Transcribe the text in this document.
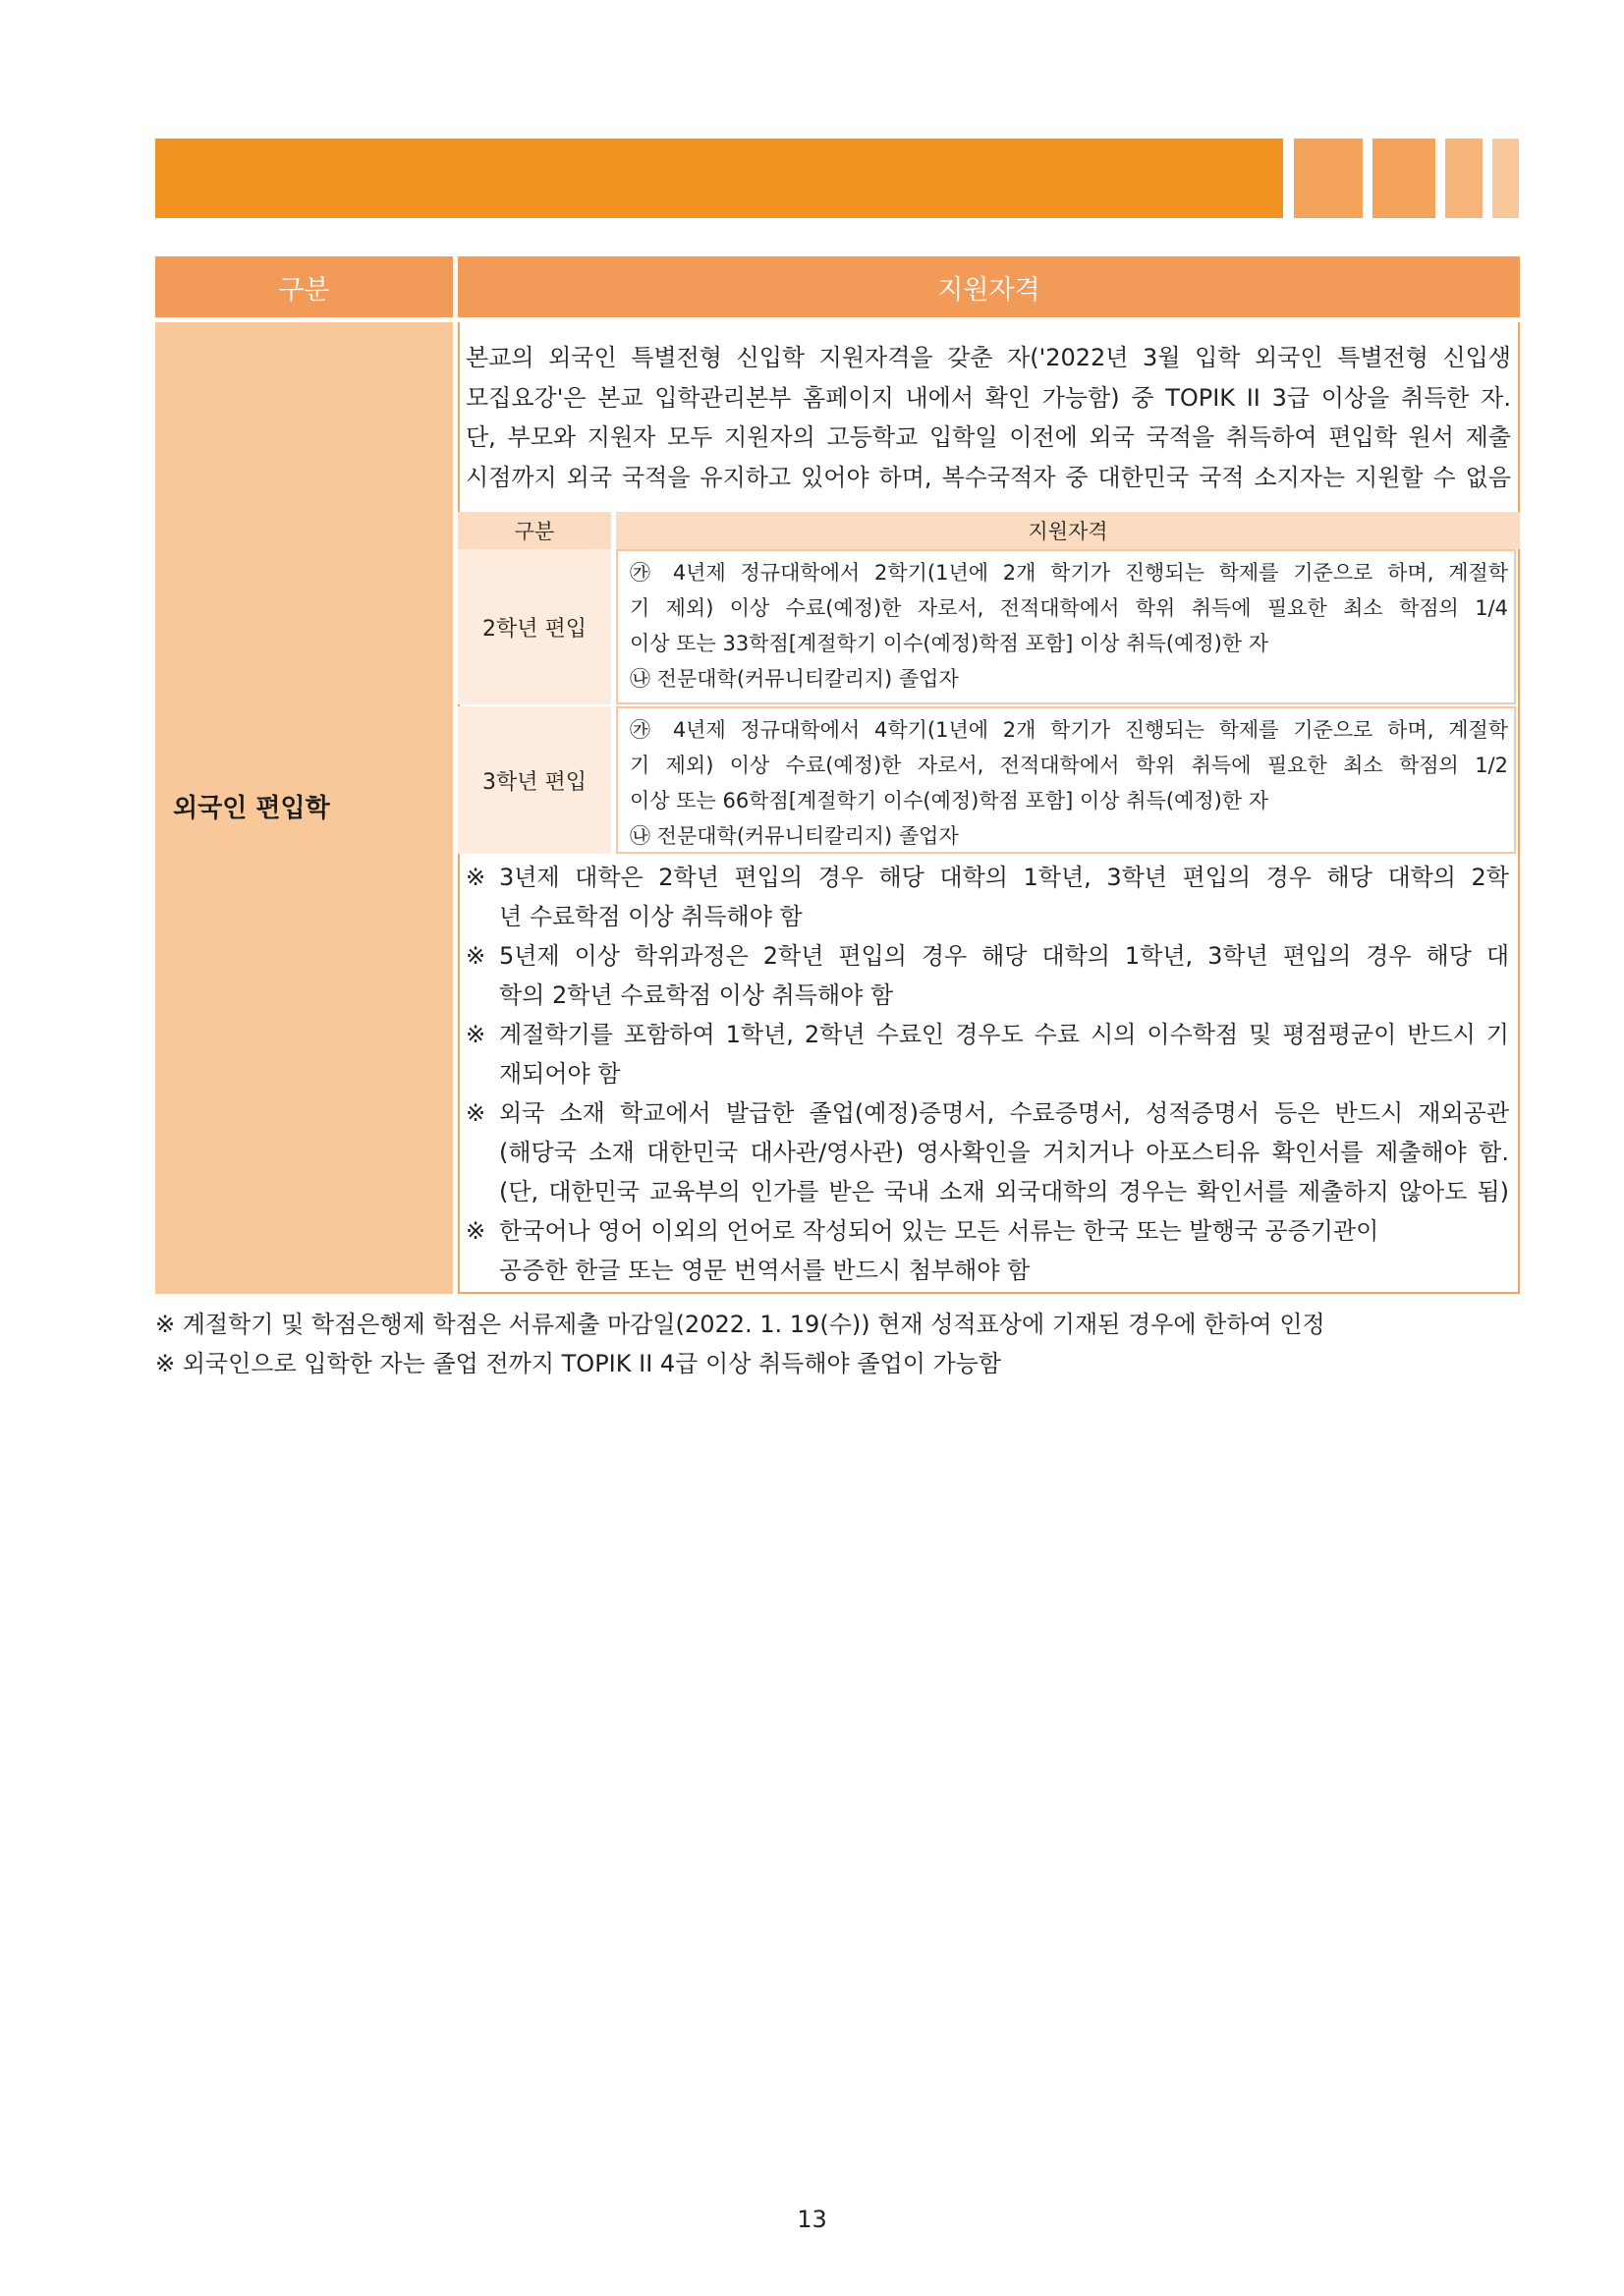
구분	지원자격
외국인 편입학
본교의 외국인 특별전형 신입학 지원자격을 갖춘 자('2022년 3월 입학 외국인 특별전형 신입생
모집요강'은 본교 입학관리본부 홈페이지 내에서 확인 가능함) 중 TOPIK II 3급 이상을 취득한 자.
단, 부모와 지원자 모두 지원자의 고등학교 입학일 이전에 외국 국적을 취득하여 편입학 원서 제출
시점까지 외국 국적을 유지하고 있어야 하며, 복수국적자 중 대한민국 국적 소지자는 지원할 수 없음
구분	지원자격
2학년 편입
㉮ 4년제 정규대학에서 2학기(1년에 2개 학기가 진행되는 학제를 기준으로 하며, 계절학
기 제외) 이상 수료(예정)한 자로서, 전적대학에서 학위 취득에 필요한 최소 학점의 1/4
이상 또는 33학점[계절학기 이수(예정)학점 포함] 이상 취득(예정)한 자
㉯ 전문대학(커뮤니티칼리지) 졸업자
3학년 편입
㉮ 4년제 정규대학에서 4학기(1년에 2개 학기가 진행되는 학제를 기준으로 하며, 계절학
기 제외) 이상 수료(예정)한 자로서, 전적대학에서 학위 취득에 필요한 최소 학점의 1/2
이상 또는 66학점[계절학기 이수(예정)학점 포함] 이상 취득(예정)한 자
㉯ 전문대학(커뮤니티칼리지) 졸업자
※ 3년제 대학은 2학년 편입의 경우 해당 대학의 1학년, 3학년 편입의 경우 해당 대학의 2학
년 수료학점 이상 취득해야 함
※ 5년제 이상 학위과정은 2학년 편입의 경우 해당 대학의 1학년, 3학년 편입의 경우 해당 대
학의 2학년 수료학점 이상 취득해야 함
※ 계절학기를 포함하여 1학년, 2학년 수료인 경우도 수료 시의 이수학점 및 평점평균이 반드시 기
재되어야 함
※ 외국 소재 학교에서 발급한 졸업(예정)증명서, 수료증명서, 성적증명서 등은 반드시 재외공관
(해당국 소재 대한민국 대사관/영사관) 영사확인을 거치거나 아포스티유 확인서를 제출해야 함.
(단, 대한민국 교육부의 인가를 받은 국내 소재 외국대학의 경우는 확인서를 제출하지 않아도 됨)
※ 한국어나 영어 이외의 언어로 작성되어 있는 모든 서류는 한국 또는 발행국 공증기관이
공증한 한글 또는 영문 번역서를 반드시 첨부해야 함
※ 계절학기 및 학점은행제 학점은 서류제출 마감일(2022. 1. 19(수)) 현재 성적표상에 기재된 경우에 한하여 인정
※ 외국인으로 입학한 자는 졸업 전까지 TOPIK II 4급 이상 취득해야 졸업이 가능함
13
